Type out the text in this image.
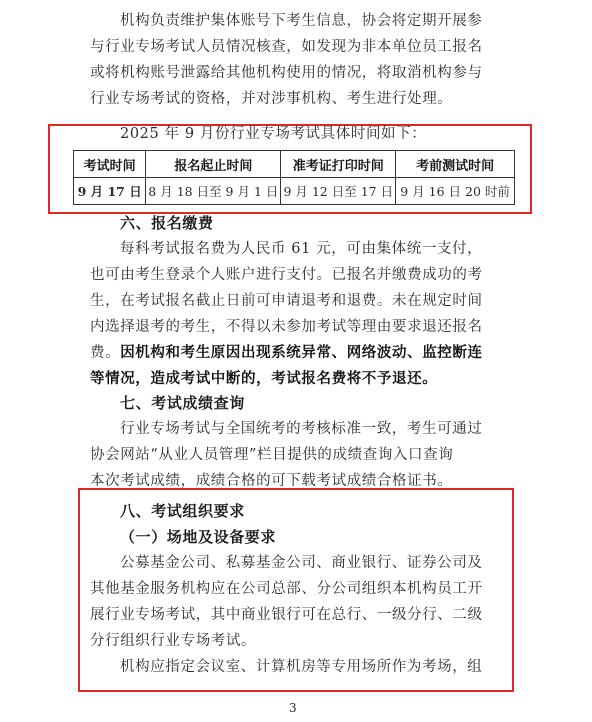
机构负责维护集体账号下考生信息，协会将定期开展参
与行业专场考试人员情况核查，如发现为非本单位员工报名
或将机构账号泄露给其他机构使用的情况，将取消机构参与
行业专场考试的资格，并对涉事机构、考生进行处理。
2025 年 9 月份行业专场考试具体时间如下：
考试时间	报名起止时间	准考证打印时间	考前测试时间
9 月 17 日	8 月 18 日至 9 月 1 日	9 月 12 日至 17 日	9 月 16 日 20 时前
六、报名缴费
每科考试报名费为人民币 61 元，可由集体统一支付，
也可由考生登录个人账户进行支付。已报名并缴费成功的考
生，在考试报名截止日前可申请退考和退费。未在规定时间
内选择退考的考生，不得以未参加考试等理由要求退还报名
费。因机构和考生原因出现系统异常、网络波动、监控断连
等情况，造成考试中断的，考试报名费将不予退还。
七、考试成绩查询
行业专场考试与全国统考的考核标准一致，考生可通过
协会网站“从业人员管理”栏目提供的成绩查询入口查询
本次考试成绩，成绩合格的可下载考试成绩合格证书。
八、考试组织要求
（一）场地及设备要求
公募基金公司、私募基金公司、商业银行、证券公司及
其他基金服务机构应在公司总部、分公司组织本机构员工开
展行业专场考试，其中商业银行可在总行、一级分行、二级
分行组织行业专场考试。
机构应指定会议室、计算机房等专用场所作为考场，组
3
